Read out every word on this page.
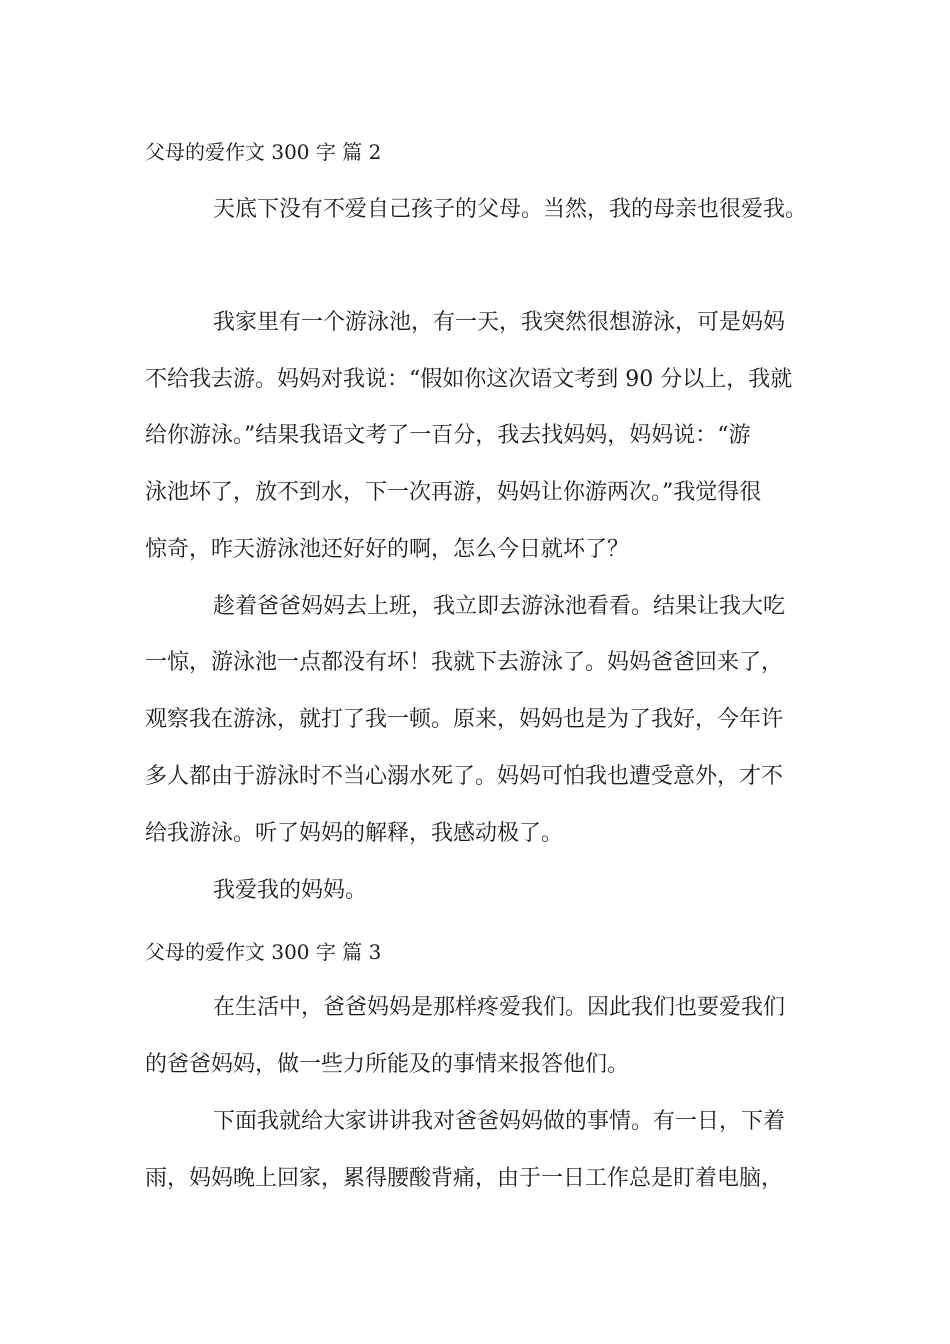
父母的爱作文 300 字 篇 2

天底下没有不爱自己孩子的父母。当然，我的母亲也很爱我。

我家里有一个游泳池，有一天，我突然很想游泳，可是妈妈

不给我去游。妈妈对我说：“假如你这次语文考到 90 分以上，我就

给你游泳。”结果我语文考了一百分，我去找妈妈，妈妈说：“游

泳池坏了，放不到水，下一次再游，妈妈让你游两次。”我觉得很

惊奇，昨天游泳池还好好的啊，怎么今日就坏了？

趁着爸爸妈妈去上班，我立即去游泳池看看。结果让我大吃

一惊，游泳池一点都没有坏！我就下去游泳了。妈妈爸爸回来了，

观察我在游泳，就打了我一顿。原来，妈妈也是为了我好，今年许

多人都由于游泳时不当心溺水死了。妈妈可怕我也遭受意外，才不

给我游泳。听了妈妈的解释，我感动极了。

我爱我的妈妈。

父母的爱作文 300 字 篇 3

在生活中，爸爸妈妈是那样疼爱我们。因此我们也要爱我们

的爸爸妈妈，做一些力所能及的事情来报答他们。

下面我就给大家讲讲我对爸爸妈妈做的事情。有一日，下着

雨，妈妈晚上回家，累得腰酸背痛，由于一日工作总是盯着电脑，
